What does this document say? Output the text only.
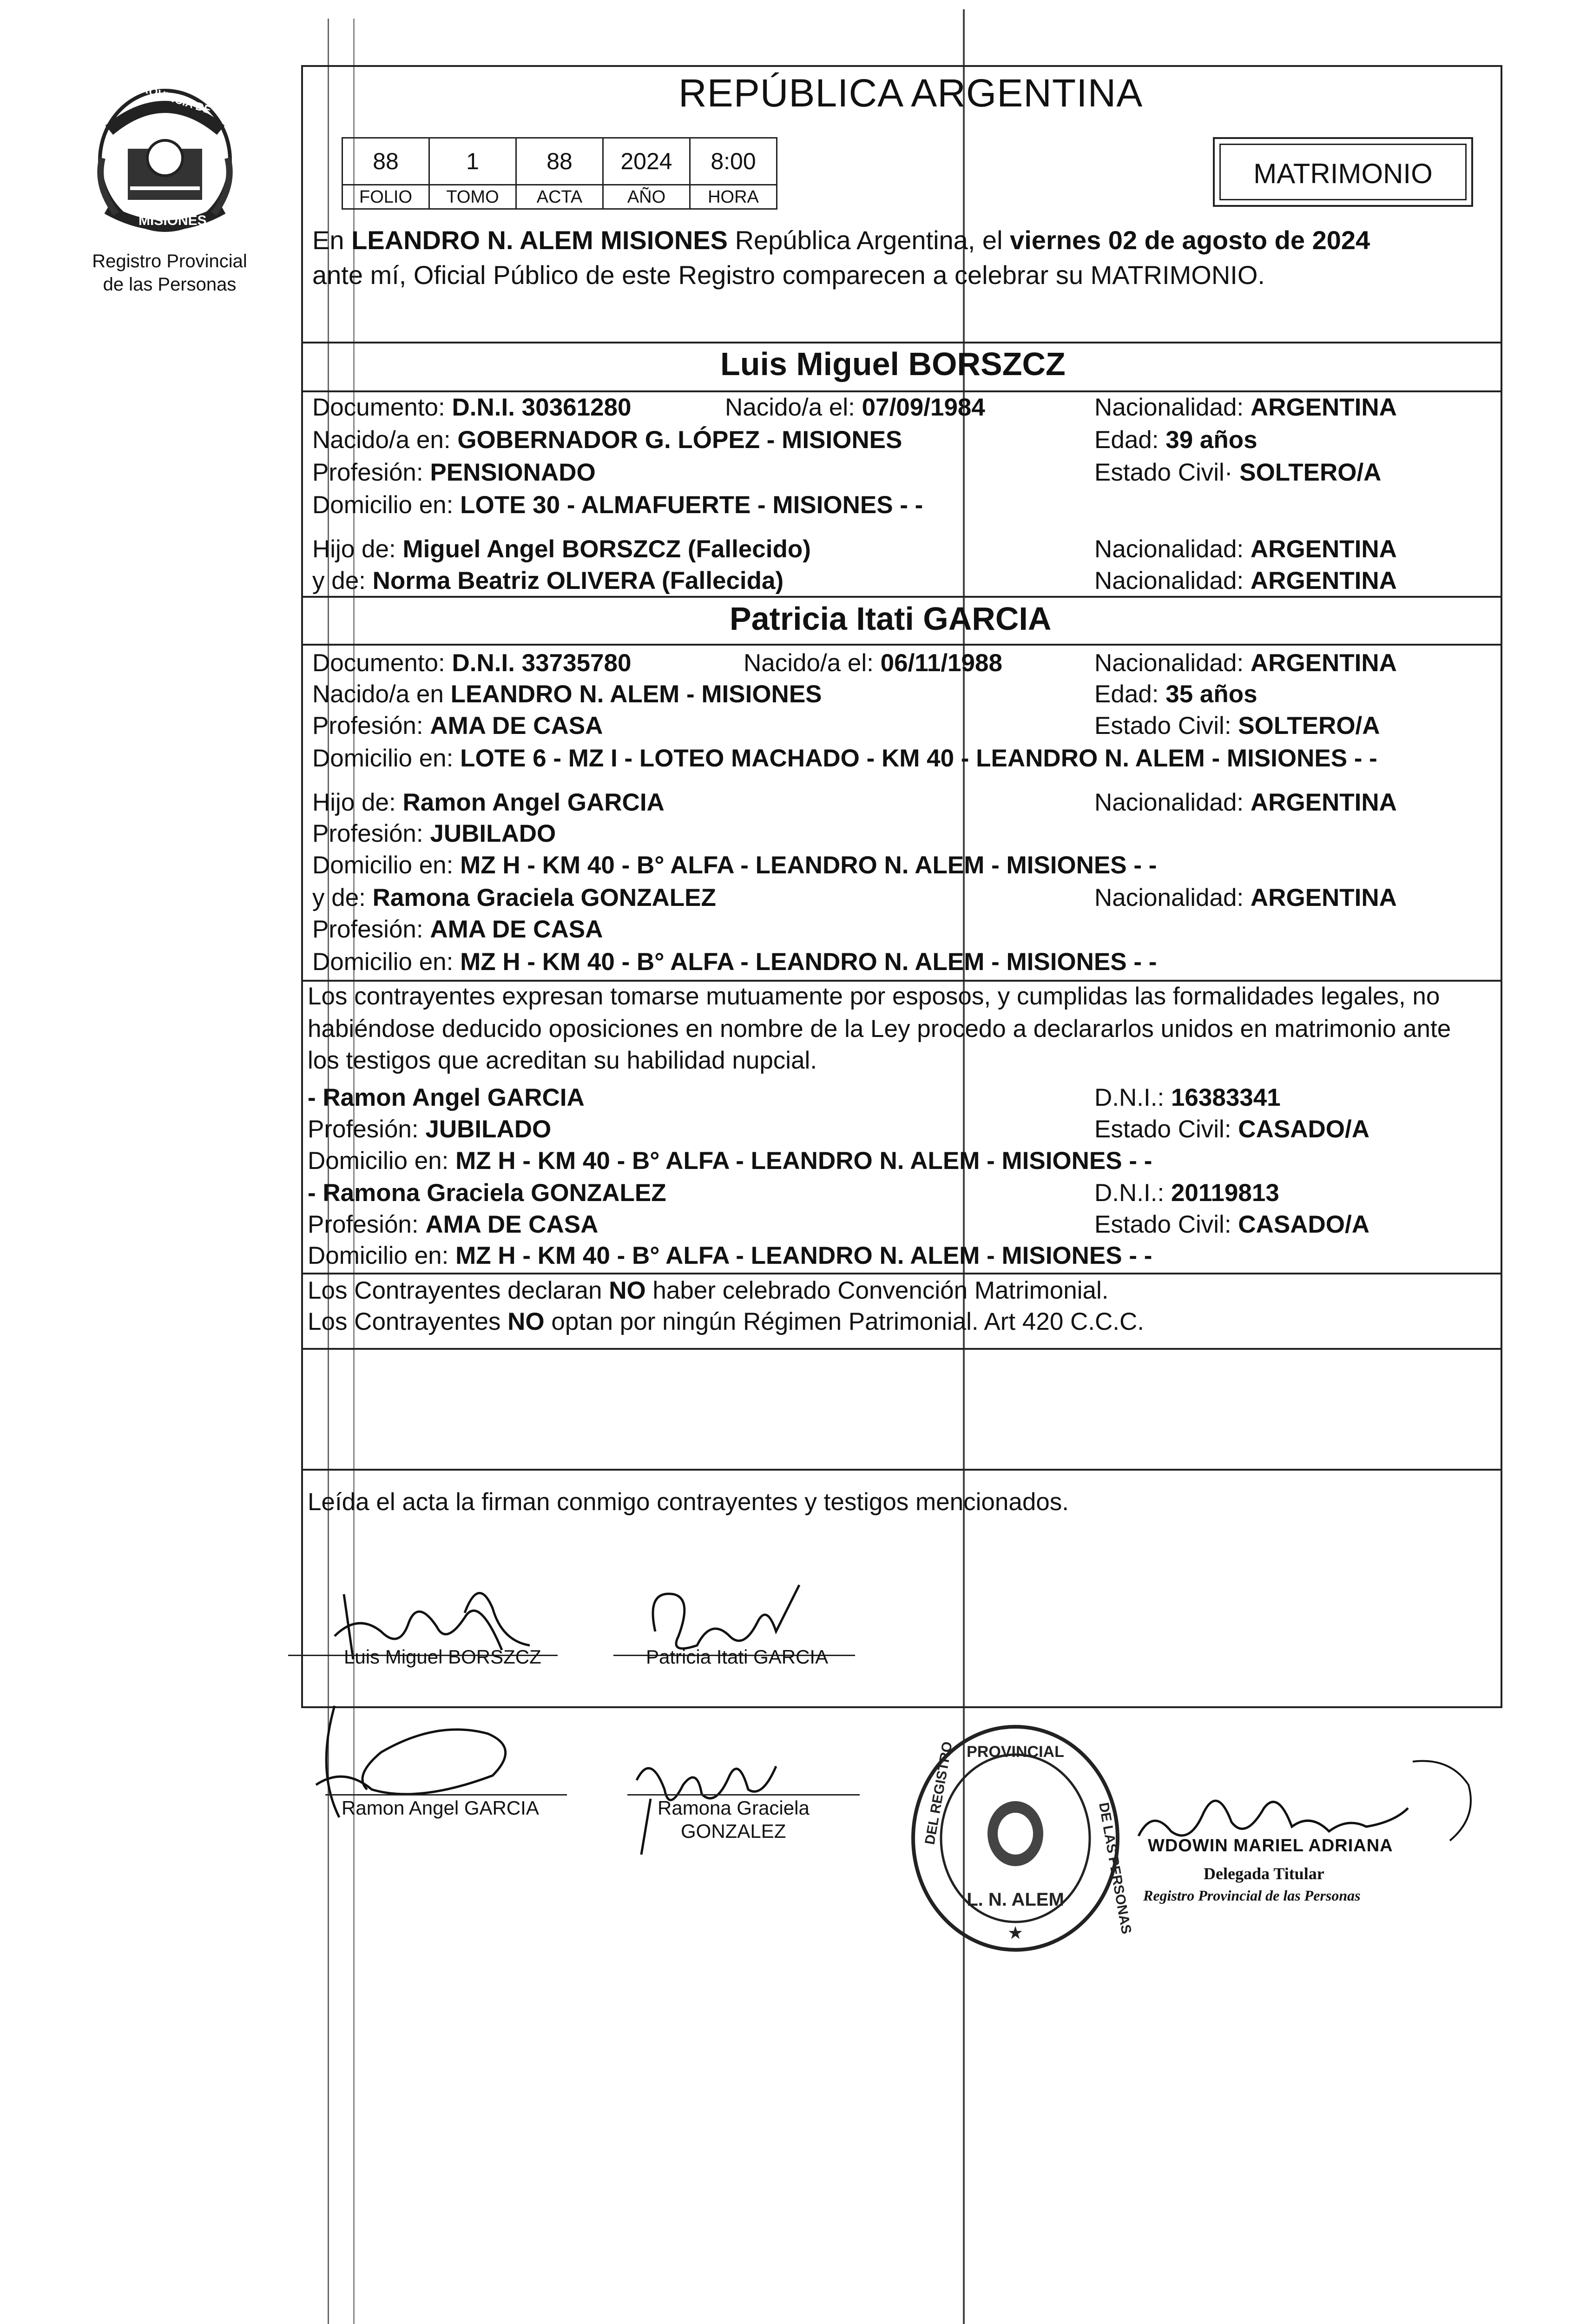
PROVINCIA DE
MISIONES
Registro Provincial
de las Personas
REPÚBLICA ARGENTINA
88	1	88	2024	8:00
FOLIO	TOMO	ACTA	AÑO	HORA
MATRIMONIO
En LEANDRO N. ALEM MISIONES República Argentina, el viernes 02 de agosto de 2024
ante mí, Oficial Público de este Registro comparecen a celebrar su MATRIMONIO.
Luis Miguel BORSZCZ
Documento: D.N.I. 30361280	Nacido/a el: 07/09/1984	Nacionalidad: ARGENTINA
Nacido/a en: GOBERNADOR G. LÓPEZ - MISIONES	Edad: 39 años
Profesión: PENSIONADO	Estado Civil· SOLTERO/A
Domicilio en: LOTE 30 - ALMAFUERTE - MISIONES - -
Hijo de: Miguel Angel BORSZCZ (Fallecido)	Nacionalidad: ARGENTINA
y de: Norma Beatriz OLIVERA (Fallecida)	Nacionalidad: ARGENTINA
Patricia Itati GARCIA
Documento: D.N.I. 33735780	Nacido/a el: 06/11/1988	Nacionalidad: ARGENTINA
Nacido/a en LEANDRO N. ALEM - MISIONES	Edad: 35 años
Profesión: AMA DE CASA	Estado Civil: SOLTERO/A
Domicilio en: LOTE 6 - MZ I - LOTEO MACHADO - KM 40 - LEANDRO N. ALEM - MISIONES - -
Hijo de: Ramon Angel GARCIA	Nacionalidad: ARGENTINA
Profesión: JUBILADO
Domicilio en: MZ H - KM 40 - B° ALFA - LEANDRO N. ALEM - MISIONES - -
y de: Ramona Graciela GONZALEZ	Nacionalidad: ARGENTINA
Profesión: AMA DE CASA
Domicilio en: MZ H - KM 40 - B° ALFA - LEANDRO N. ALEM - MISIONES - -
Los contrayentes expresan tomarse mutuamente por esposos, y cumplidas las formalidades legales, no
habiéndose deducido oposiciones en nombre de la Ley procedo a declararlos unidos en matrimonio ante
los testigos que acreditan su habilidad nupcial.
- Ramon Angel GARCIA	D.N.I.: 16383341
Profesión: JUBILADO	Estado Civil: CASADO/A
Domicilio en: MZ H - KM 40 - B° ALFA - LEANDRO N. ALEM - MISIONES - -
- Ramona Graciela GONZALEZ	D.N.I.: 20119813
Profesión: AMA DE CASA	Estado Civil: CASADO/A
Domicilio en: MZ H - KM 40 - B° ALFA - LEANDRO N. ALEM - MISIONES - -
Los Contrayentes declaran NO haber celebrado Convención Matrimonial.
Los Contrayentes NO optan por ningún Régimen Patrimonial. Art 420 C.C.C.
Leída el acta la firman conmigo contrayentes y testigos mencionados.
Luis Miguel BORSZCZ	Patricia Itati GARCIA
Ramon Angel GARCIA	Ramona Graciela
GONZALEZ
PROVINCIAL
DEL REGISTRO
DE LAS PERSONAS
L. N. ALEM
★
WDOWIN MARIEL ADRIANA
Delegada Titular
Registro Provincial de las Personas
